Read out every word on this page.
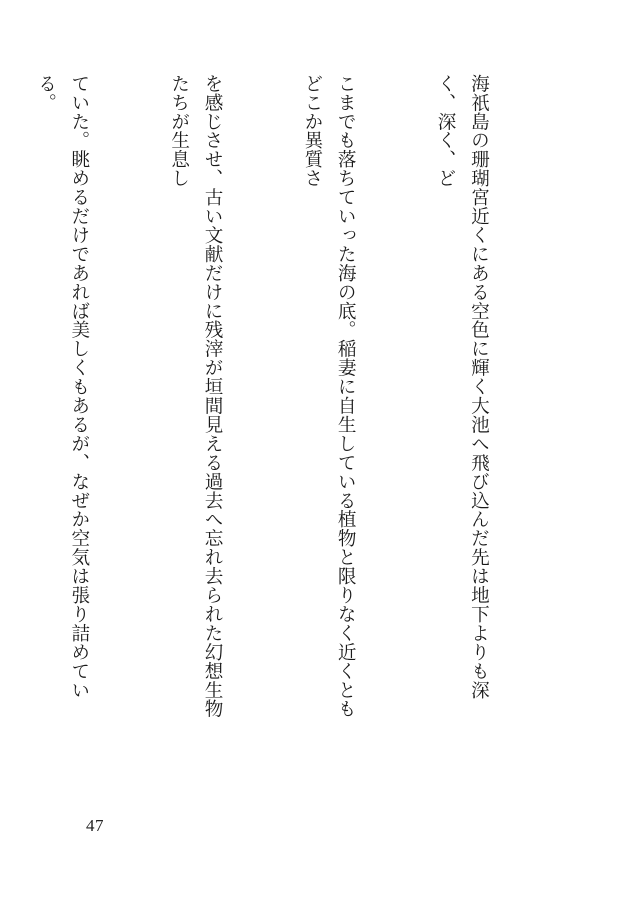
海祇島の珊瑚宮近くにある空色に輝く大池へ飛び込んだ先は地下よりも深く、深く、ど

こまでも落ちていった海の底。稲妻に自生している植物と限りなく近くともどこか異質さ

を感じさせ、古い文献だけに残滓が垣間見える過去へ忘れ去られた幻想生物たちが生息し

ていた。眺めるだけであれば美しくもあるが、なぜか空気は張り詰めている。

47
